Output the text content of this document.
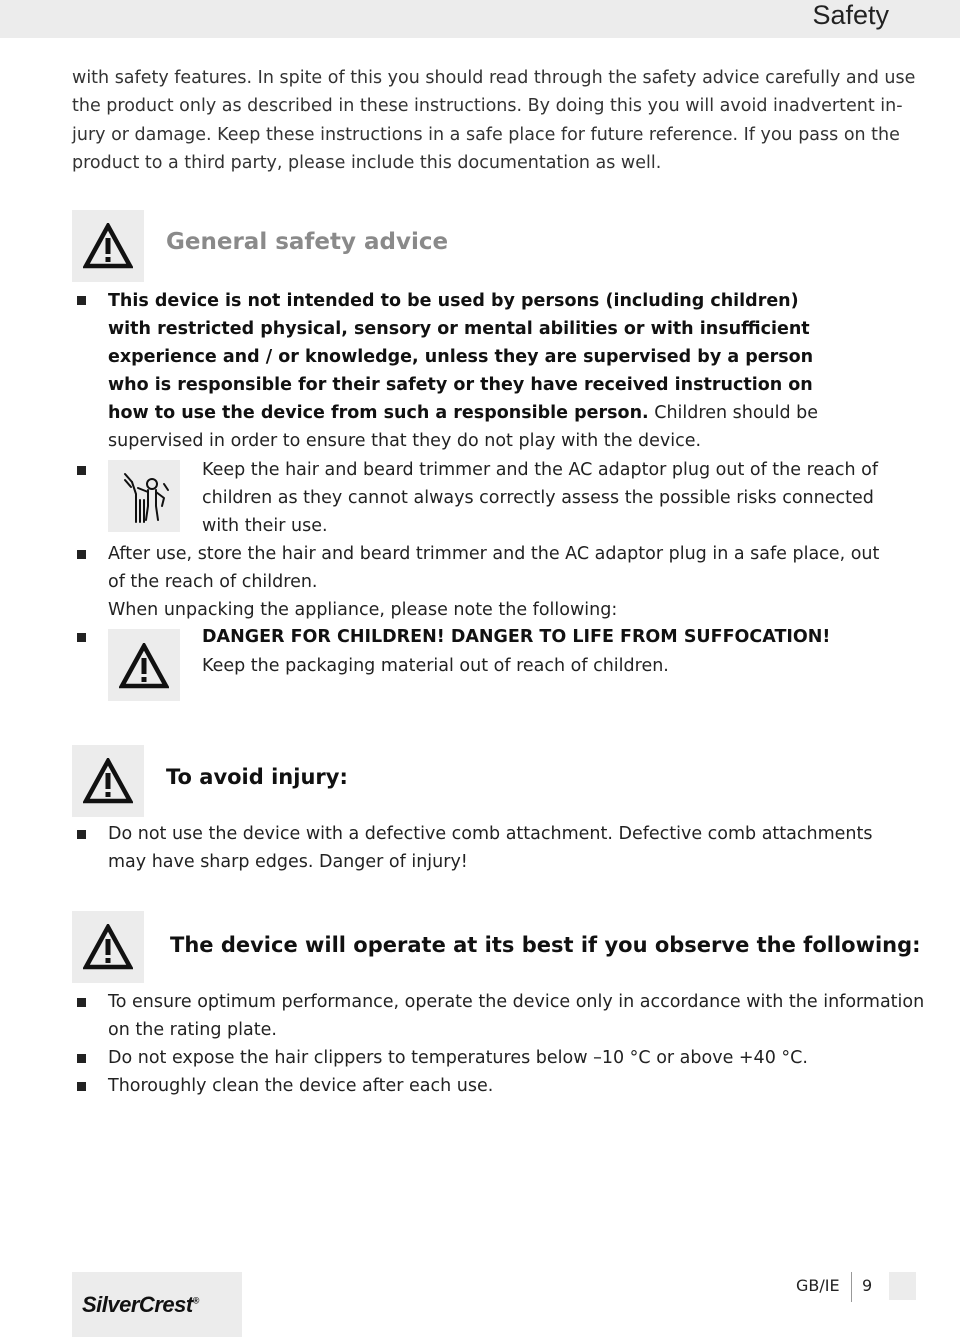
Safety
with safety features. In spite of this you should read through the safety advice carefully and use
the product only as described in these instructions. By doing this you will avoid inadvertent in-
jury or damage. Keep these instructions in a safe place for future reference. If you pass on the
product to a third party, please include this documentation as well.
General safety advice
This device is not intended to be used by persons (including children)
with restricted physical, sensory or mental abilities or with insufficient
experience and / or knowledge, unless they are supervised by a person
who is responsible for their safety or they have received instruction on
how to use the device from such a responsible person. Children should be
supervised in order to ensure that they do not play with the device.
Keep the hair and beard trimmer and the AC adaptor plug out of the reach of
children as they cannot always correctly assess the possible risks connected
with their use.
After use, store the hair and beard trimmer and the AC adaptor plug in a safe place, out
of the reach of children.
When unpacking the appliance, please note the following:
DANGER FOR CHILDREN! DANGER TO LIFE FROM SUFFOCATION!
Keep the packaging material out of reach of children.
To avoid injury:
Do not use the device with a defective comb attachment. Defective comb attachments
may have sharp edges. Danger of injury!
The device will operate at its best if you observe the following:
To ensure optimum performance, operate the device only in accordance with the information
on the rating plate.
Do not expose the hair clippers to temperatures below –10 °C or above +40 °C.
Thoroughly clean the device after each use.
SilverCrest®
GB/IE 9
